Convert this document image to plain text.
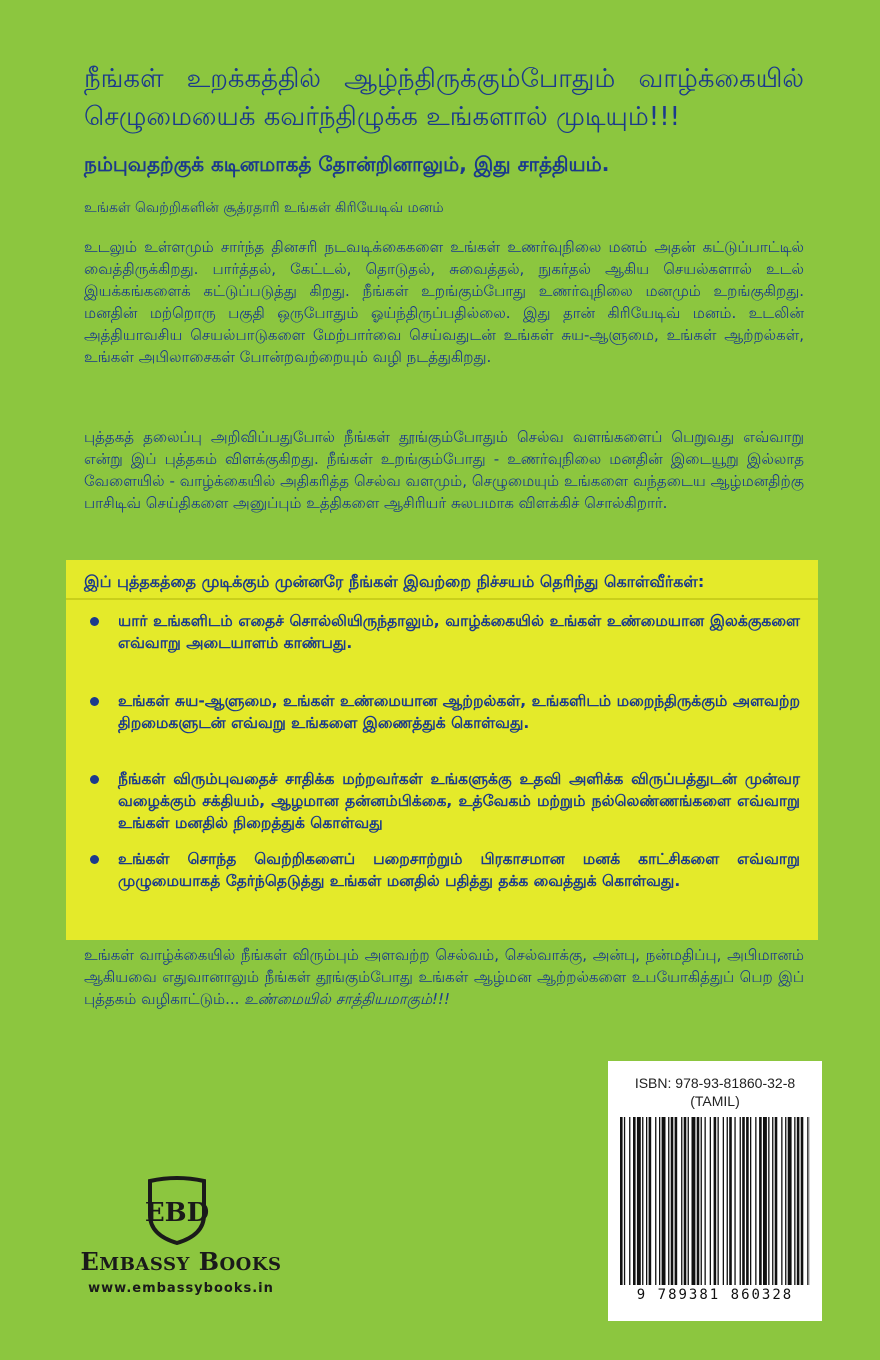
நீங்கள் உறக்கத்தில் ஆழ்ந்திருக்கும்போதும் வாழ்க்கையில் செழுமையைக் கவர்ந்திழுக்க உங்களால் முடியும்!!!
நம்புவதற்குக் கடினமாகத் தோன்றினாலும், இது சாத்தியம்.

உங்கள் வெற்றிகளின் சூத்ரதாரி உங்கள் கிரியேடிவ் மனம்

உடலும் உள்ளமும் சார்ந்த தினசரி நடவடிக்கைகளை உங்கள் உணர்வுநிலை மனம் அதன் கட்டுப்பாட்டில் வைத்திருக்கிறது. பார்த்தல், கேட்டல், தொடுதல், சுவைத்தல், நுகர்தல் ஆகிய செயல்களால் உடல் இயக்கங்களைக் கட்டுப்படுத்து கிறது. நீங்கள் உறங்கும்போது உணர்வுநிலை மனமும் உறங்குகிறது. மனதின் மற்றொரு பகுதி ஒருபோதும் ஓய்ந்திருப்பதில்லை. இது தான் கிரியேடிவ் மனம். உடலின் அத்தியாவசிய செயல்பாடுகளை மேற்பார்வை செய்வதுடன் உங்கள் சுய-ஆளுமை, உங்கள் ஆற்றல்கள், உங்கள் அபிலாசைகள் போன்றவற்றையும் வழி நடத்துகிறது.

புத்தகத் தலைப்பு அறிவிப்பதுபோல் நீங்கள் தூங்கும்போதும் செல்வ வளங்களைப் பெறுவது எவ்வாறு என்று இப் புத்தகம் விளக்குகிறது. நீங்கள் உறங்கும்போது - உணர்வுநிலை மனதின் இடையூறு இல்லாத வேளையில் - வாழ்க்கையில் அதிகரித்த செல்வ வளமும், செழுமையும் உங்களை வந்தடைய ஆழ்மனதிற்கு பாசிடிவ் செய்திகளை அனுப்பும் உத்திகளை ஆசிரியர் சுலபமாக விளக்கிச் சொல்கிறார்.

இப் புத்தகத்தை முடிக்கும் முன்னரே நீங்கள் இவற்றை நிச்சயம் தெரிந்து கொள்வீர்கள்:

யார் உங்களிடம் எதைச் சொல்லியிருந்தாலும், வாழ்க்கையில் உங்கள் உண்மையான இலக்குகளை எவ்வாறு அடையாளம் காண்பது.
உங்கள் சுய-ஆளுமை, உங்கள் உண்மையான ஆற்றல்கள், உங்களிடம் மறைந்திருக்கும் அளவற்ற திறமைகளுடன் எவ்வறு உங்களை இணைத்துக் கொள்வது.
நீங்கள் விரும்புவதைச் சாதிக்க மற்றவர்கள் உங்களுக்கு உதவி அளிக்க விருப்பத்துடன் முன்வர வழைக்கும் சக்தியம், ஆழமான தன்னம்பிக்கை, உத்வேகம் மற்றும் நல்லெண்ணங்களை எவ்வாறு உங்கள் மனதில் நிறைத்துக் கொள்வது
உங்கள் சொந்த வெற்றிகளைப் பறைசாற்றும் பிரகாசமான மனக் காட்சிகளை எவ்வாறு முழுமையாகத் தேர்ந்தெடுத்து உங்கள் மனதில் பதித்து தக்க வைத்துக் கொள்வது.

உங்கள் வாழ்க்கையில் நீங்கள் விரும்பும் அளவற்ற செல்வம், செல்வாக்கு, அன்பு, நன்மதிப்பு, அபிமானம் ஆகியவை எதுவானாலும் நீங்கள் தூங்கும்போது உங்கள் ஆழ்மன ஆற்றல்களை உபயோகித்துப் பெற இப் புத்தகம் வழிகாட்டும்... உண்மையில் சாத்தியமாகும்!!!

EBD
EMBASSY BOOKS
www.embassybooks.in
ISBN: 978-93-81860-32-8
(TAMIL)
9 789381 860328
